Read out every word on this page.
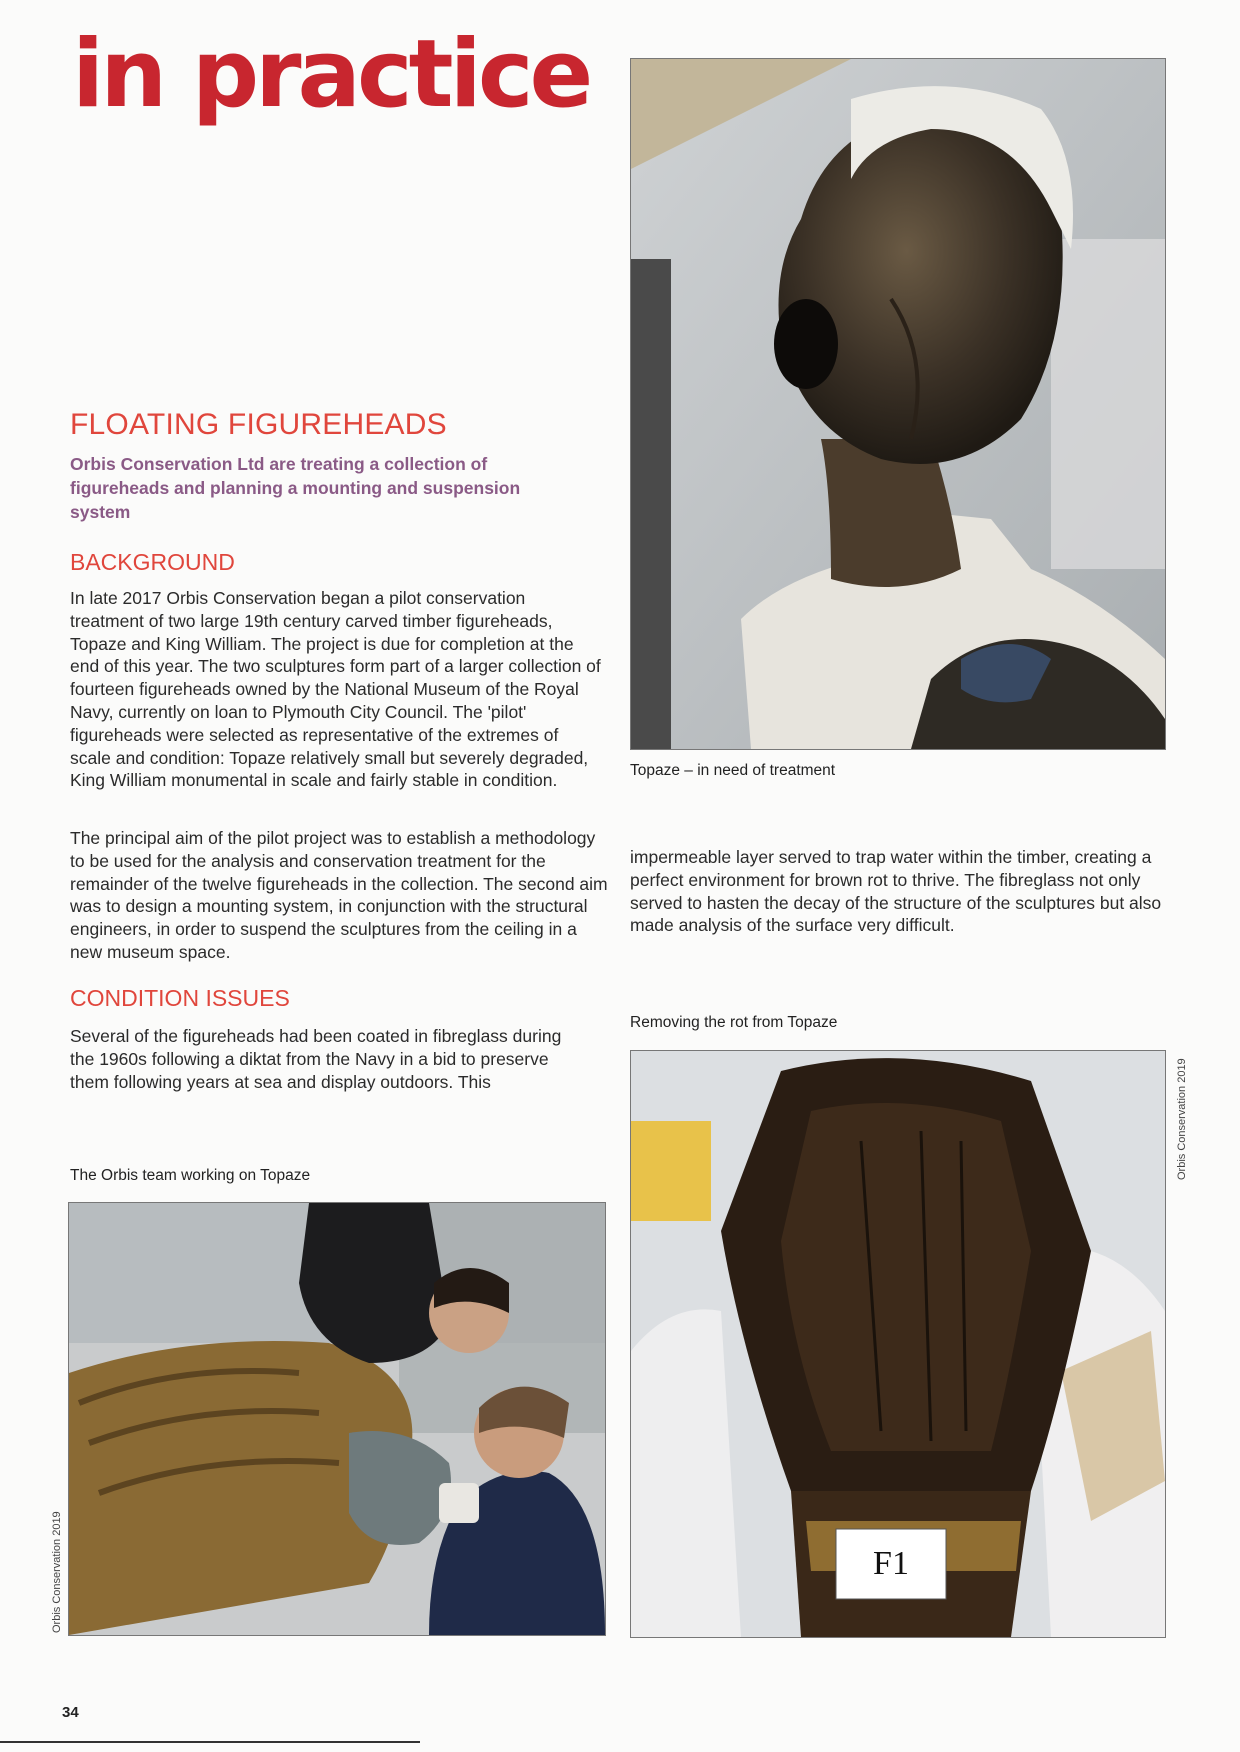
in practice
FLOATING FIGUREHEADS
Orbis Conservation Ltd are treating a collection of figureheads and planning a mounting and suspension system
BACKGROUND

In late 2017 Orbis Conservation began a pilot conservation treatment of two large 19th century carved timber figureheads, Topaze and King William. The project is due for completion at the end of this year. The two sculptures form part of a larger collection of fourteen figureheads owned by the National Museum of the Royal Navy, currently on loan to Plymouth City Council. The 'pilot' figureheads were selected as representative of the extremes of scale and condition: Topaze relatively small but severely degraded, King William monumental in scale and fairly stable in condition.

The principal aim of the pilot project was to establish a methodology to be used for the analysis and conservation treatment for the remainder of the twelve figureheads in the collection. The second aim was to design a mounting system, in conjunction with the structural engineers, in order to suspend the sculptures from the ceiling in a new museum space.

CONDITION ISSUES

Several of the figureheads had been coated in fibreglass during the 1960s following a diktat from the Navy in a bid to preserve them following years at sea and display outdoors. This

impermeable layer served to trap water within the timber, creating a perfect environment for brown rot to thrive. The fibreglass not only served to hasten the decay of the structure of the sculptures but also made analysis of the surface very difficult.

Topaze – in need of treatment
Removing the rot from Topaze
F1
The Orbis team working on Topaze	Orbis Conservation 2019
Orbis Conservation 2019
34
